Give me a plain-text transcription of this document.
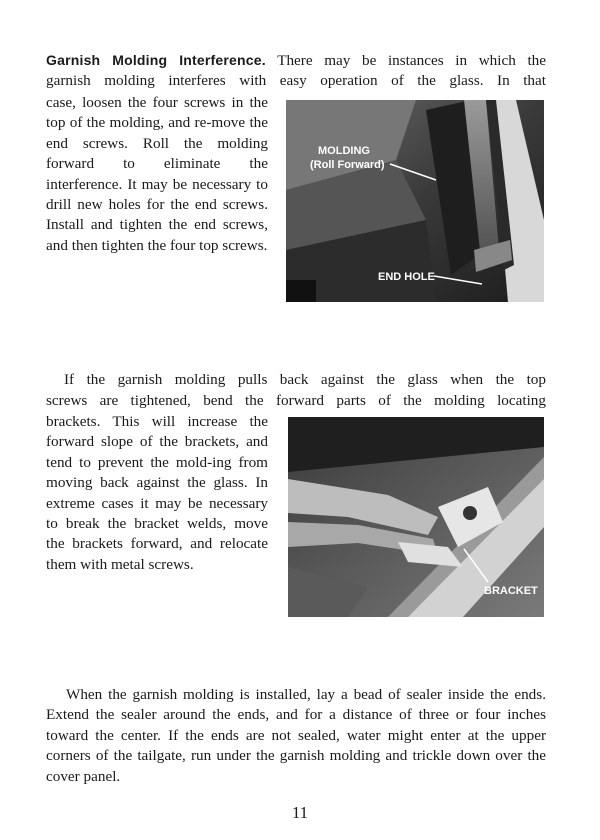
Garnish Molding Interference. There may be instances in which the

garnish molding interferes with easy operation of the glass. In that

case, loosen the four screws in the top of the molding, and re-move the end screws. Roll the molding forward to eliminate the interference. It may be necessary to drill new holes for the end screws. Install and tighten the end screws, and then tighten the four top screws.

MOLDING
(Roll Forward)
END HOLE

If the garnish molding pulls back against the glass when the top

screws are tightened, bend the forward parts of the molding locating

brackets. This will increase the forward slope of the brackets, and tend to prevent the mold-ing from moving back against the glass. In extreme cases it may be necessary to break the bracket welds, move the brackets forward, and relocate them with metal screws.

BRACKET

When the garnish molding is installed, lay a bead of sealer inside the ends. Extend the sealer around the ends, and for a distance of three or four inches toward the center. If the ends are not sealed, water might enter at the upper corners of the tailgate, run under the garnish molding and trickle down over the cover panel.

11
